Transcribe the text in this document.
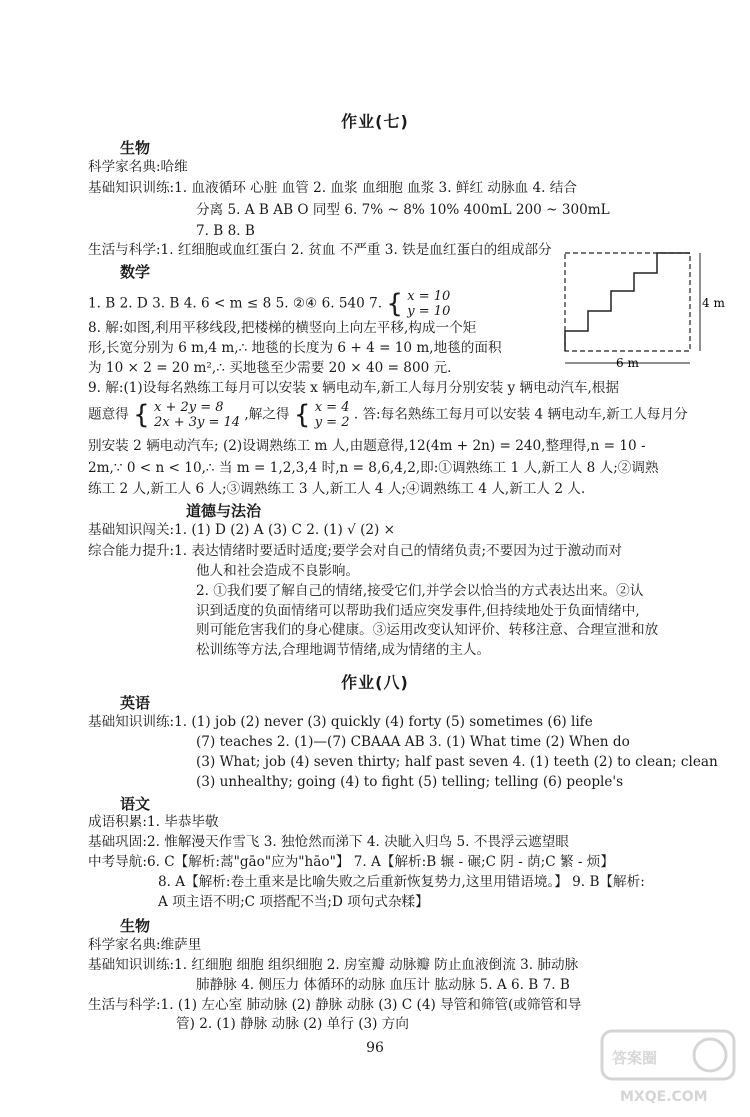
作业(七)
生物
科学家名典:哈维
基础知识训练:1. 血液循环 心脏 血管 2. 血浆 血细胞 血浆 3. 鲜红 动脉血 4. 结合
分离 5. A B AB O 同型 6. 7% ~ 8% 10% 400mL 200 ~ 300mL
7. B 8. B
生活与科学:1. 红细胞或血红蛋白 2. 贫血 不严重 3. 铁是血红蛋白的组成部分
数学
1. B 2. D 3. B 4. 6 < m ≤ 8 5. ②④ 6. 540 7. { x = 10
y = 10
8. 解:如图,利用平移线段,把楼梯的横竖向上向左平移,构成一个矩
形,长宽分别为 6 m,4 m,∴ 地毯的长度为 6 + 4 = 10 m,地毯的面积
为 10 × 2 = 20 m²,∴ 买地毯至少需要 20 × 40 = 800 元.
4 m
6 m
9. 解:(1)设每名熟练工每月可以安装 x 辆电动车,新工人每月分别安装 y 辆电动汽车,根据
题意得 { x + 2y = 8
2x + 3y = 14 ,解之得 { x = 4
y = 2 . 答:每名熟练工每月可以安装 4 辆电动车,新工人每月分
别安装 2 辆电动汽车; (2)设调熟练工 m 人,由题意得,12(4m + 2n) = 240,整理得,n = 10 -
2m,∵ 0 < n < 10,∴ 当 m = 1,2,3,4 时,n = 8,6,4,2,即:①调熟练工 1 人,新工人 8 人;②调熟
练工 2 人,新工人 6 人;③调熟练工 3 人,新工人 4 人;④调熟练工 4 人,新工人 2 人.
道德与法治
基础知识闯关:1. (1) D (2) A (3) C 2. (1) √ (2) ×
综合能力提升:1. 表达情绪时要适时适度;要学会对自己的情绪负责;不要因为过于激动而对
他人和社会造成不良影响。
2. ①我们要了解自己的情绪,接受它们,并学会以恰当的方式表达出来。②认
识到适度的负面情绪可以帮助我们适应突发事件,但持续地处于负面情绪中,
则可能危害我们的身心健康。③运用改变认知评价、转移注意、合理宣泄和放
松训练等方法,合理地调节情绪,成为情绪的主人。
作业(八)
英语
基础知识训练:1. (1) job (2) never (3) quickly (4) forty (5) sometimes (6) life
(7) teaches 2. (1)—(7) CBAAA AB 3. (1) What time (2) When do
(3) What; job (4) seven thirty; half past seven 4. (1) teeth (2) to clean; clean
(3) unhealthy; going (4) to fight (5) telling; telling (6) people's
语文
成语积累:1. 毕恭毕敬
基础巩固:2. 惟解漫天作雪飞 3. 独怆然而涕下 4. 决眦入归鸟 5. 不畏浮云遮望眼
中考导航:6. C【解析:蒿"gāo"应为"hāo"】 7. A【解析:B 辗 - 碾;C 阴 - 荫;C 繁 - 烦】
8. A【解析:卷土重来是比喻失败之后重新恢复势力,这里用错语境。】 9. B【解析:
A 项主语不明;C 项搭配不当;D 项句式杂糅】
生物
科学家名典:维萨里
基础知识训练:1. 红细胞 细胞 组织细胞 2. 房室瓣 动脉瓣 防止血液倒流 3. 肺动脉
肺静脉 4. 侧压力 体循环的动脉 血压计 肱动脉 5. A 6. B 7. B
生活与科学:1. (1) 左心室 肺动脉 (2) 静脉 动脉 (3) C (4) 导管和筛管(或筛管和导
管) 2. (1) 静脉 动脉 (2) 单行 (3) 方向
96
答案圈
MXQE.COM
